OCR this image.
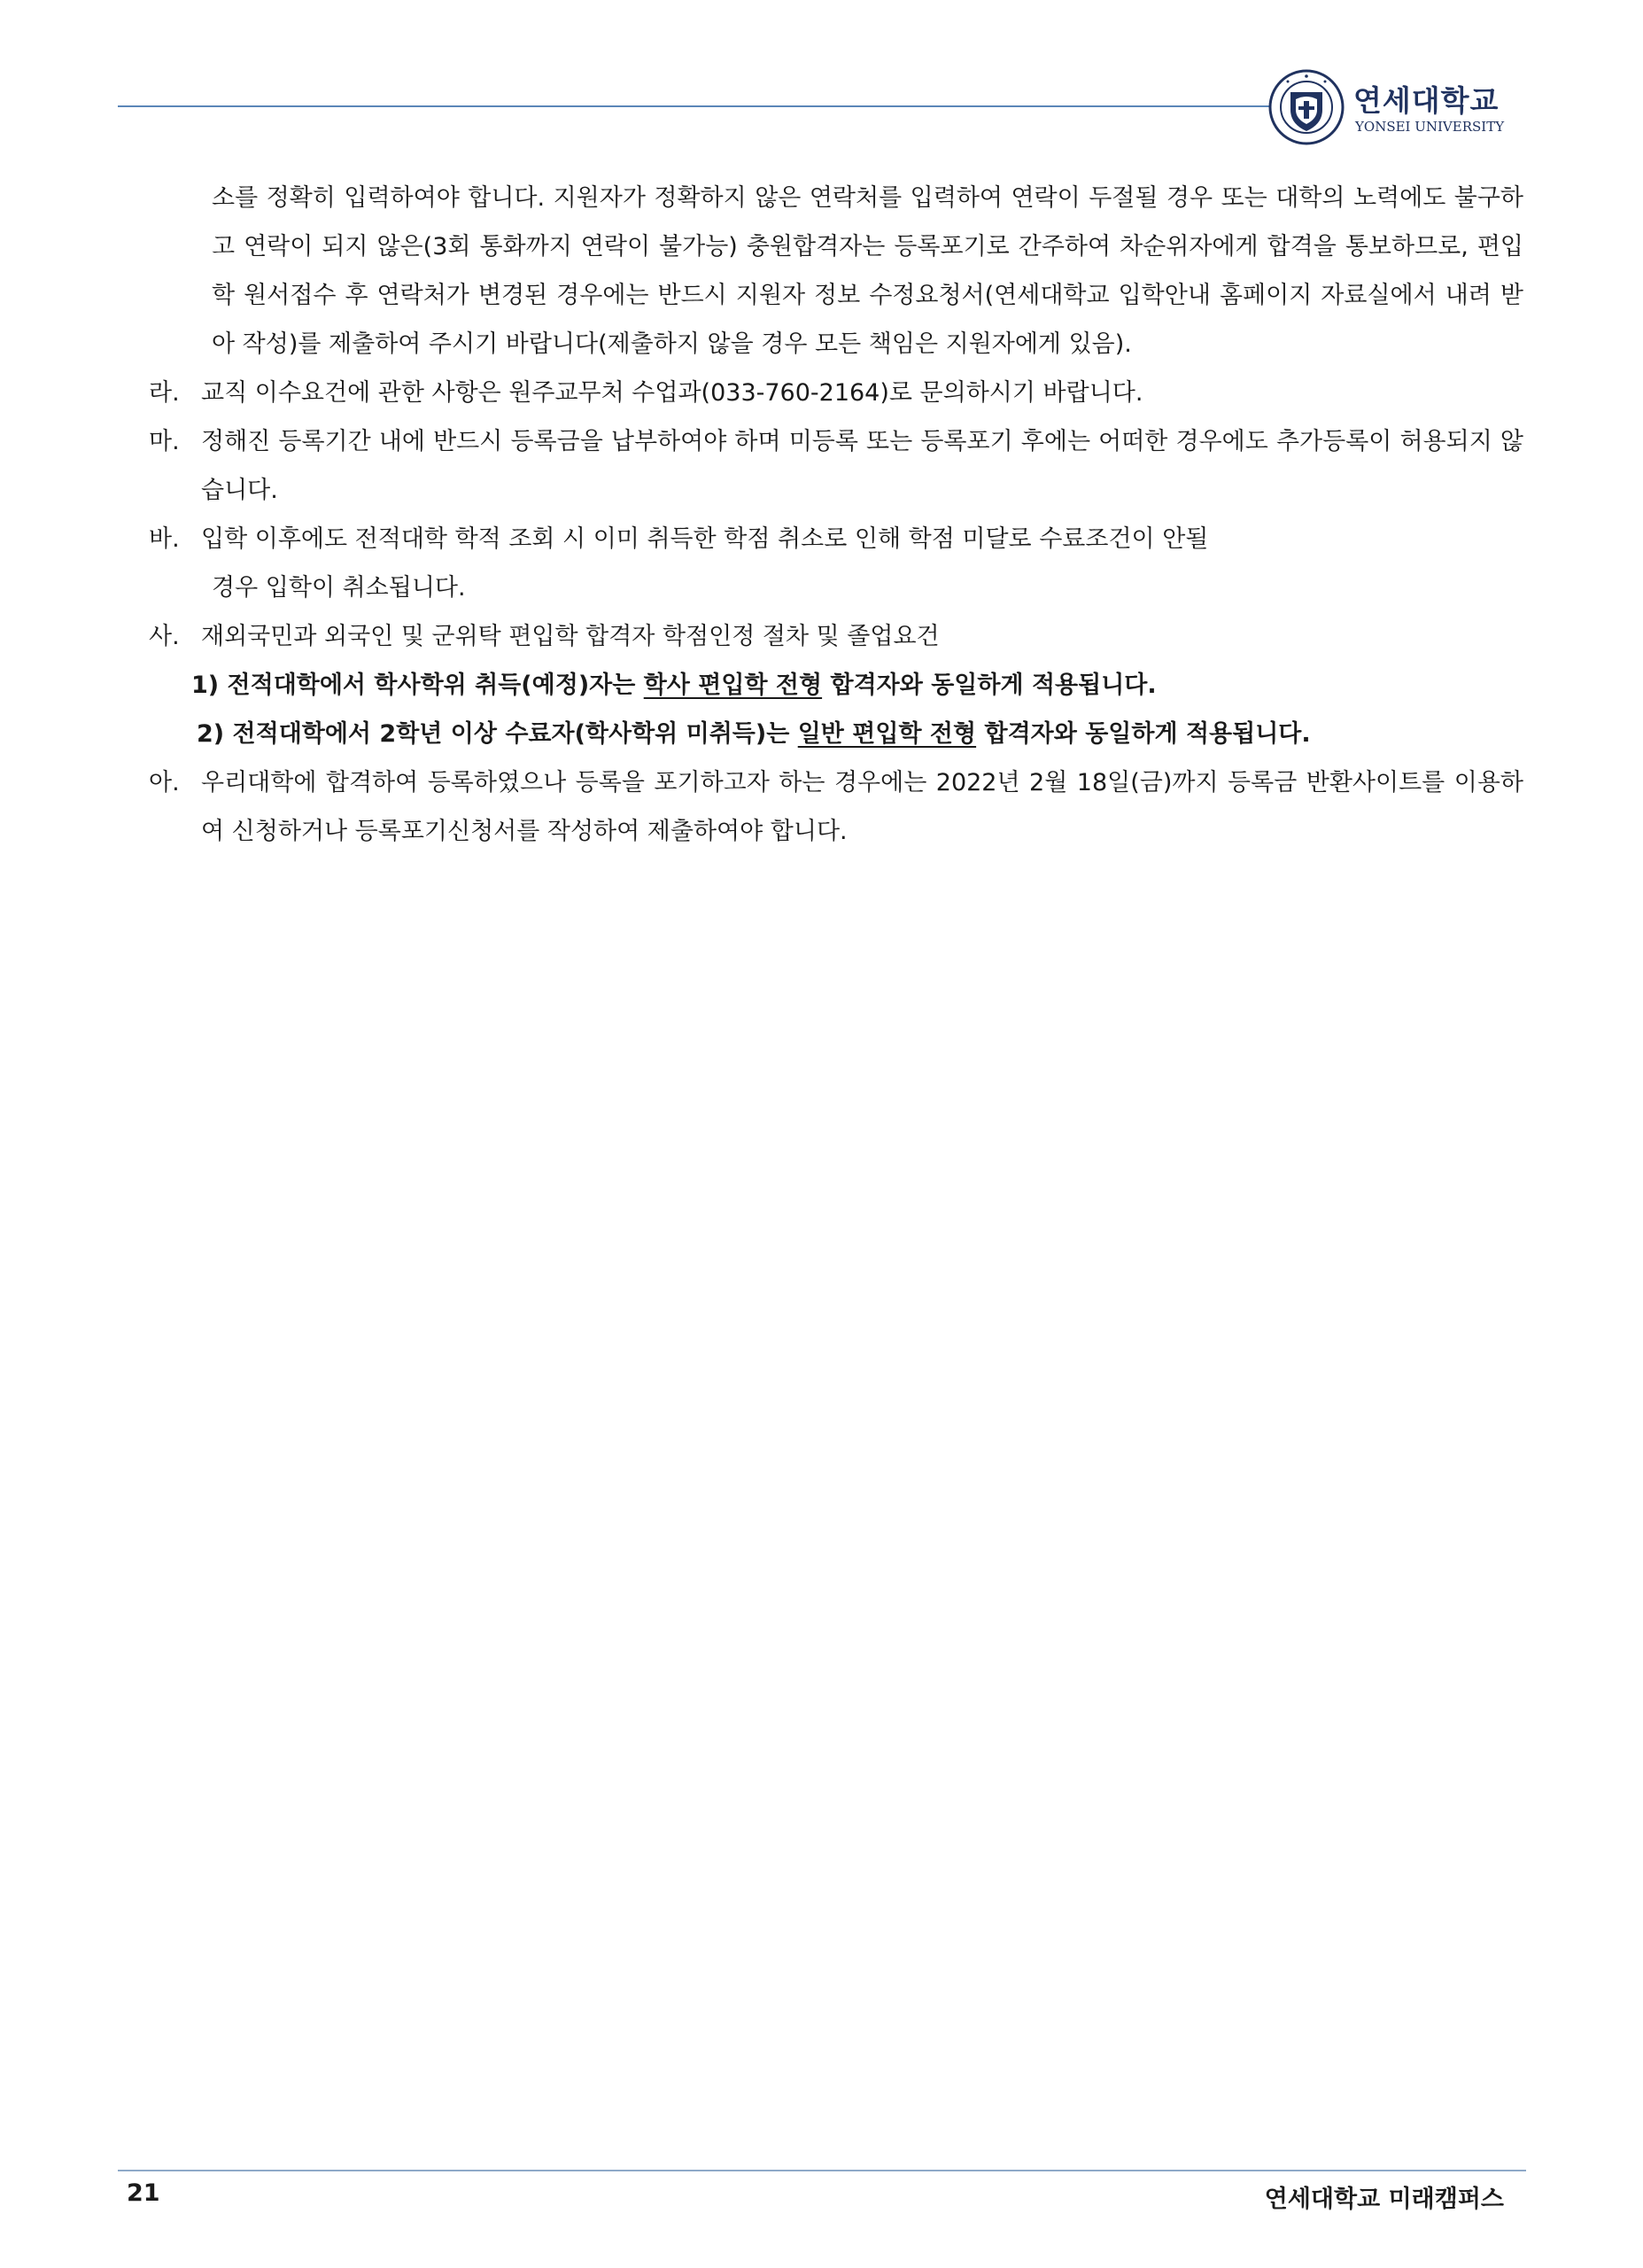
연세대학교
YONSEI UNIVERSITY

소를 정확히 입력하여야 합니다. 지원자가 정확하지 않은 연락처를 입력하여 연락이 두절될 경우 또는 대학의 노력에도 불구하고 연락이 되지 않은(3회 통화까지 연락이 불가능) 충원합격자는 등록포기로 간주하여 차순위자에게 합격을 통보하므로, 편입학 원서접수 후 연락처가 변경된 경우에는 반드시 지원자 정보 수정요청서(연세대학교 입학안내 홈페이지 자료실에서 내려 받아 작성)를 제출하여 주시기 바랍니다(제출하지 않을 경우 모든 책임은 지원자에게 있음).

라. 교직 이수요건에 관한 사항은 원주교무처 수업과(033-760-2164)로 문의하시기 바랍니다.

마. 정해진 등록기간 내에 반드시 등록금을 납부하여야 하며 미등록 또는 등록포기 후에는 어떠한 경우에도 추가등록이 허용되지 않습니다.

바. 입학 이후에도 전적대학 학적 조회 시 이미 취득한 학점 취소로 인해 학점 미달로 수료조건이 안될
경우 입학이 취소됩니다.

사. 재외국민과 외국인 및 군위탁 편입학 합격자 학점인정 절차 및 졸업요건

1) 전적대학에서 학사학위 취득(예정)자는 학사 편입학 전형 합격자와 동일하게 적용됩니다.

2) 전적대학에서 2학년 이상 수료자(학사학위 미취득)는 일반 편입학 전형 합격자와 동일하게 적용됩니다.

아. 우리대학에 합격하여 등록하였으나 등록을 포기하고자 하는 경우에는 2022년 2월 18일(금)까지 등록금 반환사이트를 이용하여 신청하거나 등록포기신청서를 작성하여 제출하여야 합니다.

21	연세대학교 미래캠퍼스
